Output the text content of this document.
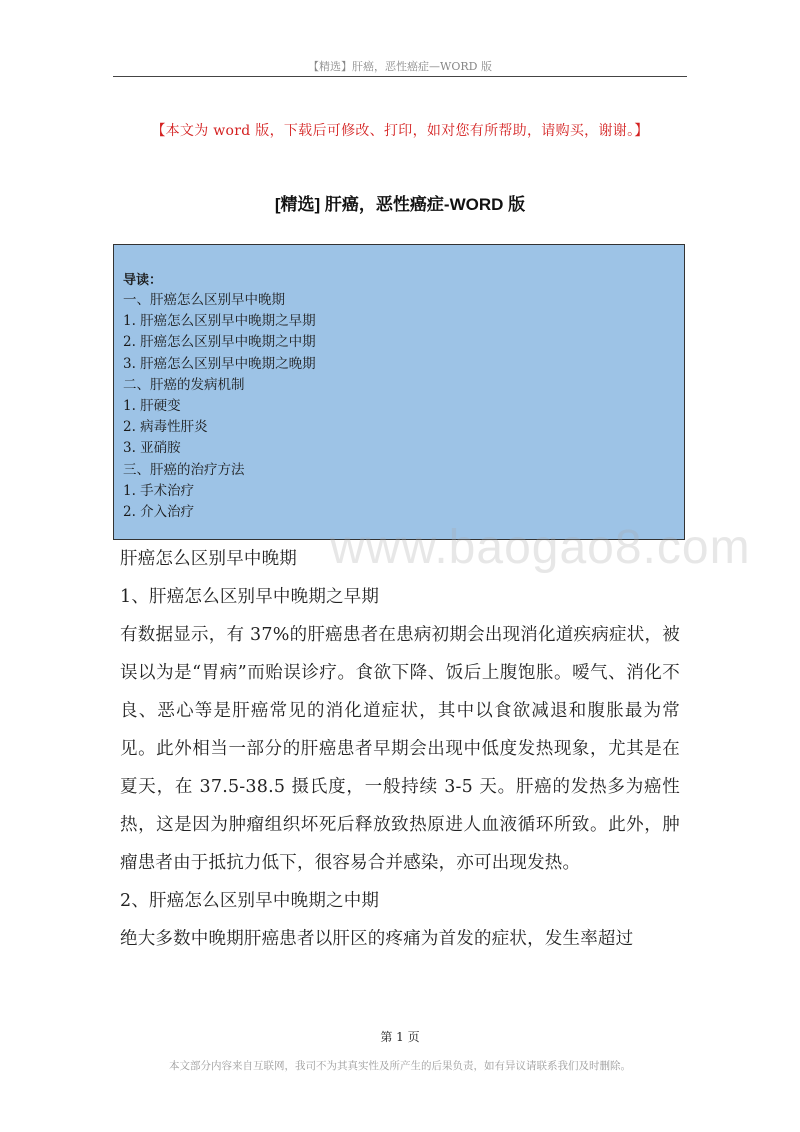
【精选】肝癌，恶性癌症—WORD 版
【本文为 word 版，下载后可修改、打印，如对您有所帮助，请购买，谢谢。】
[精选] 肝癌，恶性癌症-WORD 版
导读：
一、肝癌怎么区别早中晚期
1. 肝癌怎么区别早中晚期之早期
2. 肝癌怎么区别早中晚期之中期
3. 肝癌怎么区别早中晚期之晚期
二、肝癌的发病机制
1. 肝硬变
2. 病毒性肝炎
3. 亚硝胺
三、肝癌的治疗方法
1. 手术治疗
2. 介入治疗
www.baogao8.com

肝癌怎么区别早中晚期

1、肝癌怎么区别早中晚期之早期

有数据显示，有 37%的肝癌患者在患病初期会出现消化道疾病症状，被误以为是“胃病”而贻误诊疗。食欲下降、饭后上腹饱胀。嗳气、消化不良、恶心等是肝癌常见的消化道症状，其中以食欲减退和腹胀最为常见。此外相当一部分的肝癌患者早期会出现中低度发热现象，尤其是在夏天，在 37.5-38.5 摄氏度，一般持续 3-5 天。肝癌的发热多为癌性热，这是因为肿瘤组织坏死后释放致热原进人血液循环所致。此外，肿瘤患者由于抵抗力低下，很容易合并感染，亦可出现发热。

2、肝癌怎么区别早中晚期之中期

绝大多数中晚期肝癌患者以肝区的疼痛为首发的症状，发生率超过

第 1 页
本文部分内容来自互联网，我司不为其真实性及所产生的后果负责，如有异议请联系我们及时删除。
